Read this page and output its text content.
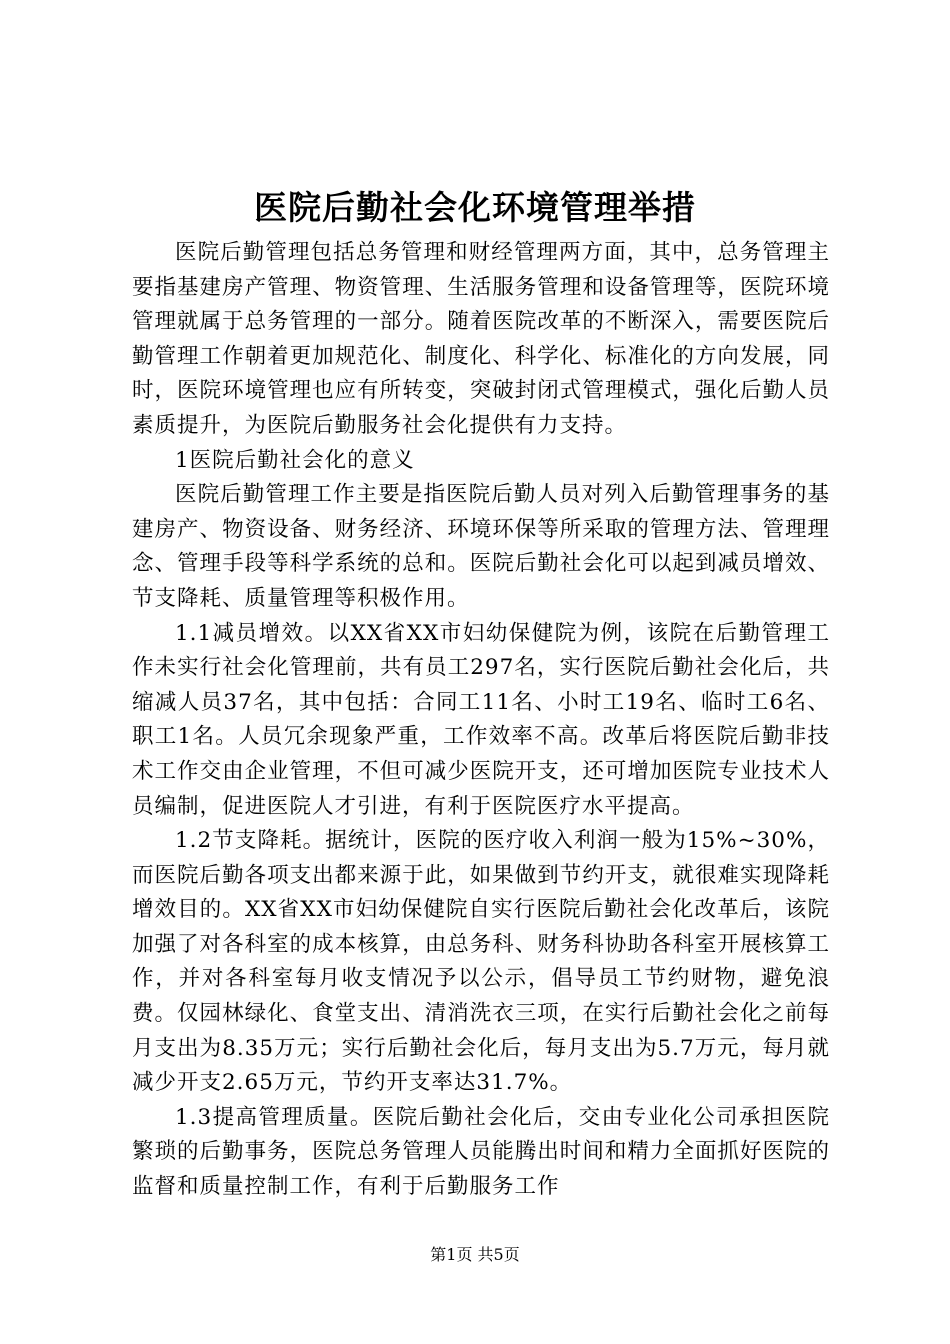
医院后勤社会化环境管理举措

医院后勤管理包括总务管理和财经管理两方面，其中，总务管理主要指基建房产管理、物资管理、生活服务管理和设备管理等，医院环境管理就属于总务管理的一部分。随着医院改革的不断深入，需要医院后勤管理工作朝着更加规范化、制度化、科学化、标准化的方向发展，同时，医院环境管理也应有所转变，突破封闭式管理模式，强化后勤人员素质提升，为医院后勤服务社会化提供有力支持。

1医院后勤社会化的意义

医院后勤管理工作主要是指医院后勤人员对列入后勤管理事务的基建房产、物资设备、财务经济、环境环保等所采取的管理方法、管理理念、管理手段等科学系统的总和。医院后勤社会化可以起到减员增效、节支降耗、质量管理等积极作用。

1.1减员增效。以XX省XX市妇幼保健院为例，该院在后勤管理工作未实行社会化管理前，共有员工297名，实行医院后勤社会化后，共缩减人员37名，其中包括：合同工11名、小时工19名、临时工6名、职工1名。人员冗余现象严重，工作效率不高。改革后将医院后勤非技术工作交由企业管理，不但可减少医院开支，还可增加医院专业技术人员编制，促进医院人才引进，有利于医院医疗水平提高。

1.2节支降耗。据统计，医院的医疗收入利润一般为15%~30%，而医院后勤各项支出都来源于此，如果做到节约开支，就很难实现降耗增效目的。XX省XX市妇幼保健院自实行医院后勤社会化改革后，该院加强了对各科室的成本核算，由总务科、财务科协助各科室开展核算工作，并对各科室每月收支情况予以公示，倡导员工节约财物，避免浪费。仅园林绿化、食堂支出、清消洗衣三项，在实行后勤社会化之前每月支出为8.35万元；实行后勤社会化后，每月支出为5.7万元，每月就减少开支2.65万元，节约开支率达31.7%。

1.3提高管理质量。医院后勤社会化后，交由专业化公司承担医院繁琐的后勤事务，医院总务管理人员能腾出时间和精力全面抓好医院的监督和质量控制工作，有利于后勤服务工作

第1页 共5页
